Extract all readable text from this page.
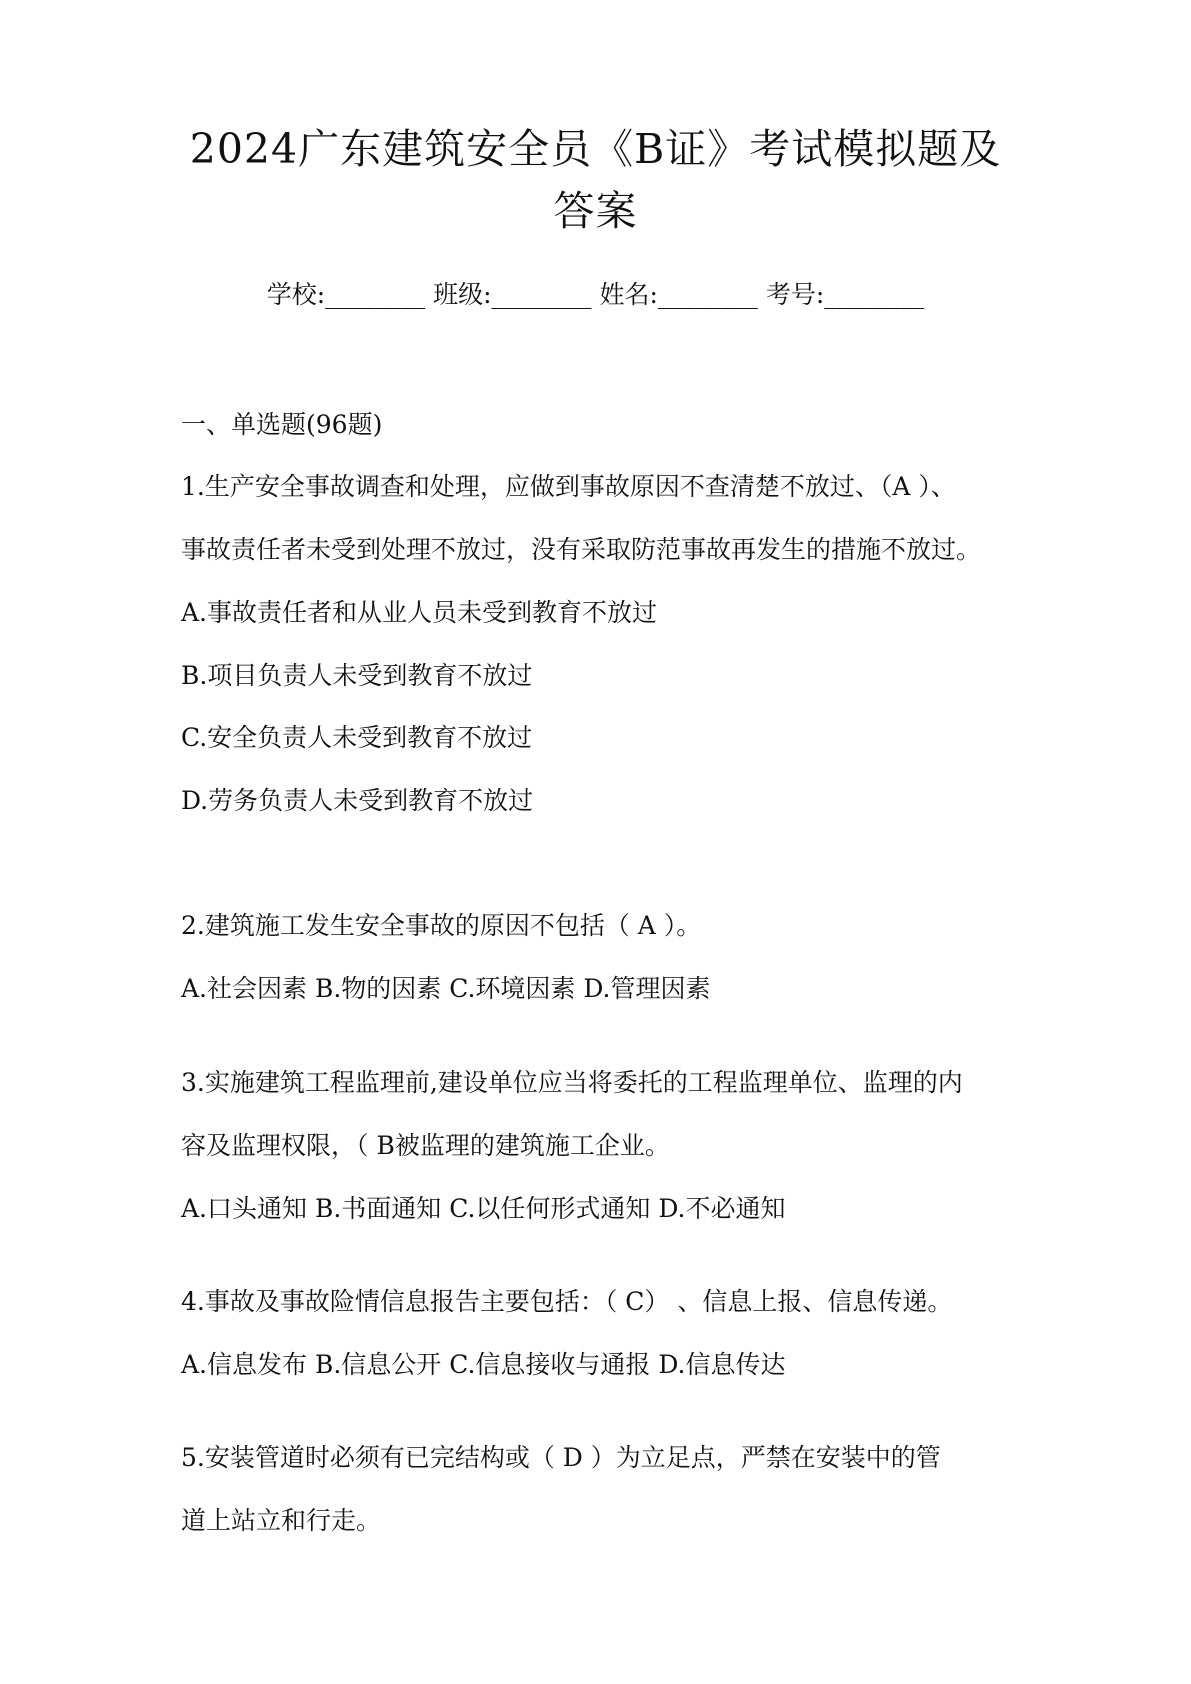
2024广东建筑安全员《B证》考试模拟题及
答案
学校:________ 班级:________ 姓名:________ 考号:________

一、单选题(96题)

1.生产安全事故调查和处理，应做到事故原因不查清楚不放过、（A ）、

事故责任者未受到处理不放过，没有采取防范事故再发生的措施不放过。

A.事故责任者和从业人员未受到教育不放过

B.项目负责人未受到教育不放过

C.安全负责人未受到教育不放过

D.劳务负责人未受到教育不放过

2.建筑施工发生安全事故的原因不包括（ A ）。

A.社会因素 B.物的因素 C.环境因素 D.管理因素

3.实施建筑工程监理前,建设单位应当将委托的工程监理单位、监理的内

容及监理权限，（ B被监理的建筑施工企业。

A.口头通知 B.书面通知 C.以任何形式通知 D.不必通知

4.事故及事故险情信息报告主要包括：（ C） 、信息上报、信息传递。

A.信息发布 B.信息公开 C.信息接收与通报 D.信息传达

5.安装管道时必须有已完结构或（ D ）为立足点，严禁在安装中的管

道上站立和行走。
